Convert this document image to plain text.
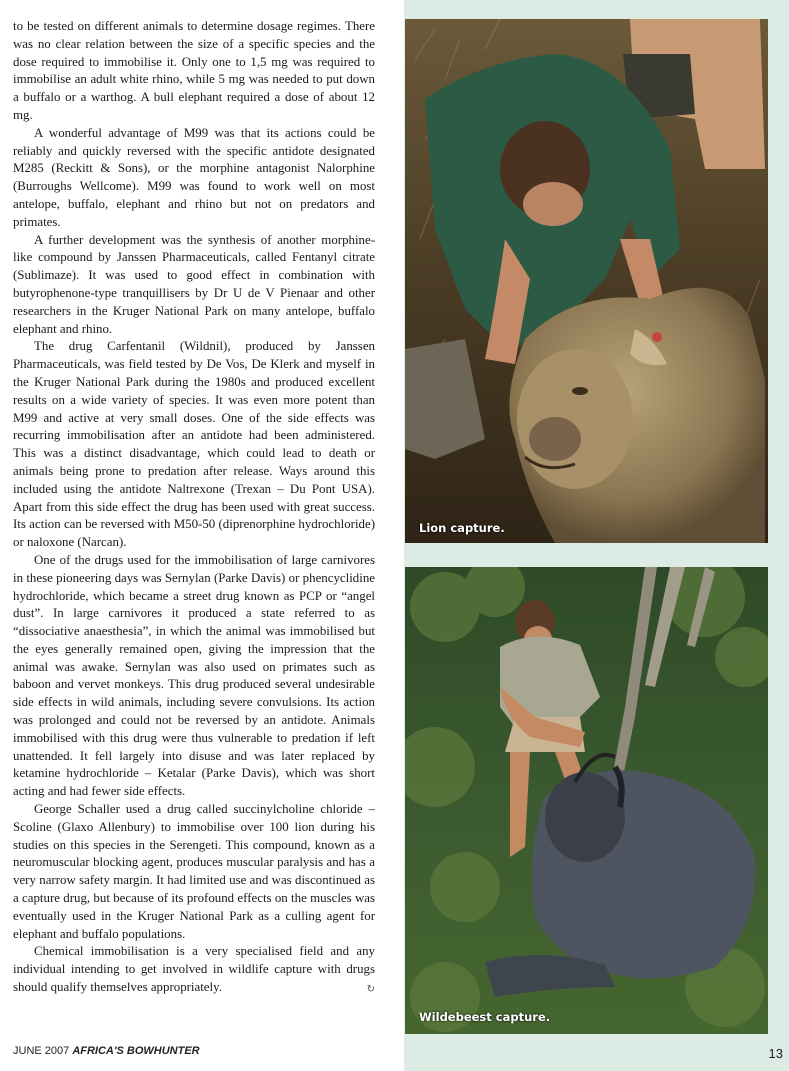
to be tested on different animals to determine dosage regimes. There was no clear relation between the size of a specific species and the dose required to immobilise it. Only one to 1,5 mg was required to immobilise an adult white rhino, while 5 mg was needed to put down a buffalo or a warthog. A bull elephant required a dose of about 12 mg.

A wonderful advantage of M99 was that its actions could be reliably and quickly reversed with the specific antidote designated M285 (Reckitt & Sons), or the morphine antagonist Nalorphine (Burroughs Wellcome). M99 was found to work well on most antelope, buffalo, elephant and rhino but not on predators and primates.

A further development was the synthesis of another morphine-like compound by Janssen Pharmaceuticals, called Fentanyl citrate (Sublimaze). It was used to good effect in combination with butyrophenone-type tranquillisers by Dr U de V Pienaar and other researchers in the Kruger National Park on many antelope, buffalo elephant and rhino.

The drug Carfentanil (Wildnil), produced by Janssen Pharmaceuticals, was field tested by De Vos, De Klerk and myself in the Kruger National Park during the 1980s and produced excellent results on a wide variety of species. It was even more potent than M99 and active at very small doses. One of the side effects was recurring immobilisation after an antidote had been administered. This was a distinct disadvantage, which could lead to death or animals being prone to predation after release. Ways around this included using the antidote Naltrexone (Trexan – Du Pont USA). Apart from this side effect the drug has been used with great success. Its action can be reversed with M50-50 (diprenorphine hydrochloride) or naloxone (Narcan).

One of the drugs used for the immobilisation of large carnivores in these pioneering days was Sernylan (Parke Davis) or phencyclidine hydrochloride, which became a street drug known as PCP or “angel dust”. In large carnivores it produced a state referred to as “dissociative anaesthesia”, in which the animal was immobilised but the eyes generally remained open, giving the impression that the animal was awake. Sernylan was also used on primates such as baboon and vervet monkeys. This drug produced several undesirable side effects in wild animals, including severe convulsions. Its action was prolonged and could not be reversed by an antidote. Animals immobilised with this drug were thus vulnerable to predation if left unattended. It fell largely into disuse and was later replaced by ketamine hydrochloride – Ketalar (Parke Davis), which was short acting and had fewer side effects.

George Schaller used a drug called succinylcholine chloride – Scoline (Glaxo Allenbury) to immobilise over 100 lion during his studies on this species in the Serengeti. This compound, known as a neuromuscular blocking agent, produces muscular paralysis and has a very narrow safety margin. It had limited use and was discontinued as a capture drug, but because of its profound effects on the muscles was eventually used in the Kruger National Park as a culling agent for elephant and buffalo populations.

Chemical immobilisation is a very specialised field and any individual intending to get involved in wildlife capture with drugs should qualify themselves appropriately.	↻

Lion capture.
Wildebeest capture.
JUNE 2007 AFRICA'S BOWHUNTER	13
